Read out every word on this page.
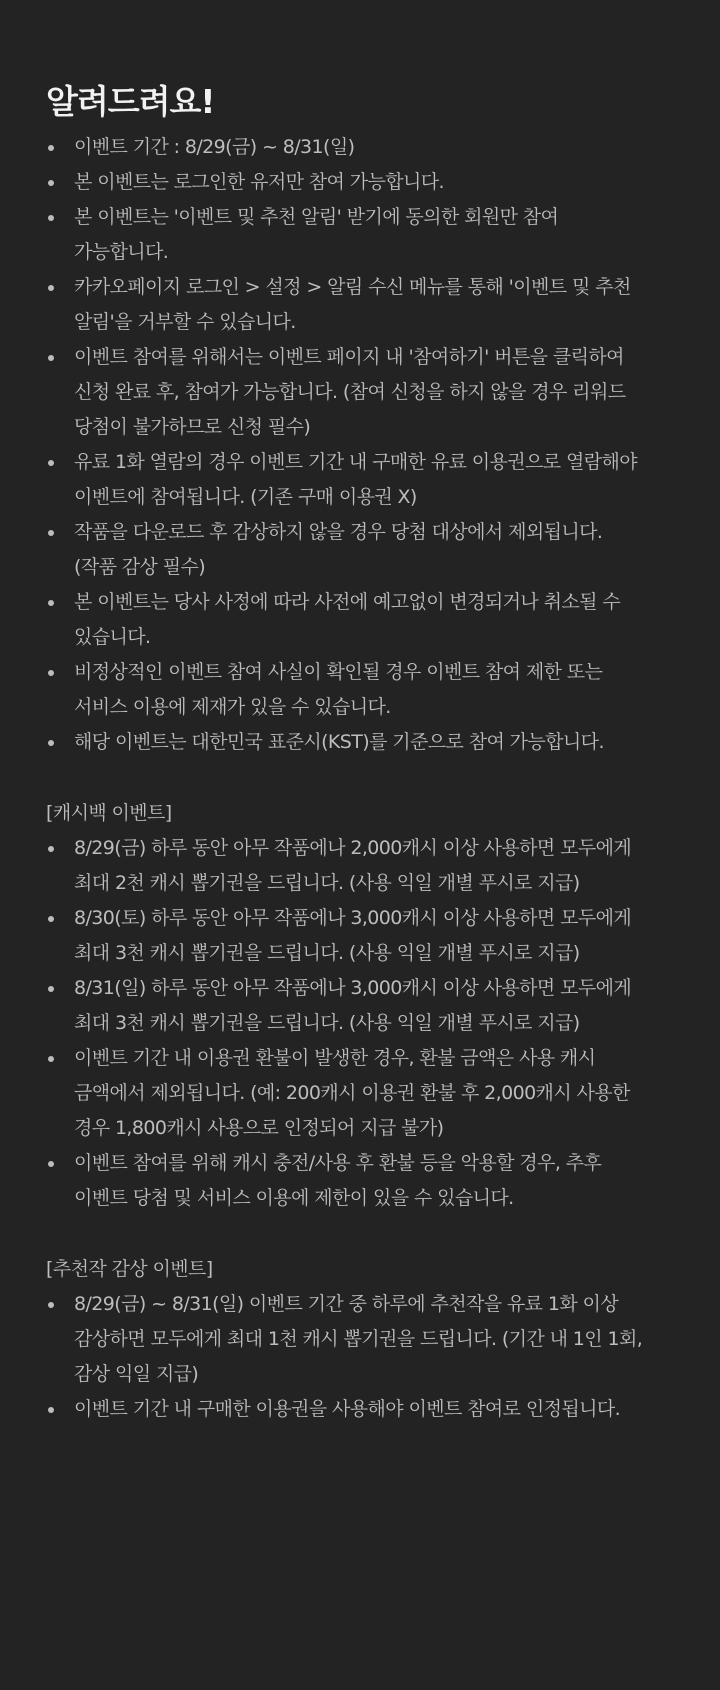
알려드려요!
이벤트 기간 : 8/29(금) ~ 8/31(일)
본 이벤트는 로그인한 유저만 참여 가능합니다.
본 이벤트는 '이벤트 및 추천 알림' 받기에 동의한 회원만 참여
가능합니다.
카카오페이지 로그인 > 설정 > 알림 수신 메뉴를 통해 '이벤트 및 추천
알림'을 거부할 수 있습니다.
이벤트 참여를 위해서는 이벤트 페이지 내 '참여하기' 버튼을 클릭하여
신청 완료 후, 참여가 가능합니다. (참여 신청을 하지 않을 경우 리워드
당첨이 불가하므로 신청 필수)
유료 1화 열람의 경우 이벤트 기간 내 구매한 유료 이용권으로 열람해야
이벤트에 참여됩니다. (기존 구매 이용권 X)
작품을 다운로드 후 감상하지 않을 경우 당첨 대상에서 제외됩니다.
(작품 감상 필수)
본 이벤트는 당사 사정에 따라 사전에 예고없이 변경되거나 취소될 수
있습니다.
비정상적인 이벤트 참여 사실이 확인될 경우 이벤트 참여 제한 또는
서비스 이용에 제재가 있을 수 있습니다.
해당 이벤트는 대한민국 표준시(KST)를 기준으로 참여 가능합니다.
[캐시백 이벤트]
8/29(금) 하루 동안 아무 작품에나 2,000캐시 이상 사용하면 모두에게
최대 2천 캐시 뽑기권을 드립니다. (사용 익일 개별 푸시로 지급)
8/30(토) 하루 동안 아무 작품에나 3,000캐시 이상 사용하면 모두에게
최대 3천 캐시 뽑기권을 드립니다. (사용 익일 개별 푸시로 지급)
8/31(일) 하루 동안 아무 작품에나 3,000캐시 이상 사용하면 모두에게
최대 3천 캐시 뽑기권을 드립니다. (사용 익일 개별 푸시로 지급)
이벤트 기간 내 이용권 환불이 발생한 경우, 환불 금액은 사용 캐시
금액에서 제외됩니다. (예: 200캐시 이용권 환불 후 2,000캐시 사용한
경우 1,800캐시 사용으로 인정되어 지급 불가)
이벤트 참여를 위해 캐시 충전/사용 후 환불 등을 악용할 경우, 추후
이벤트 당첨 및 서비스 이용에 제한이 있을 수 있습니다.
[추천작 감상 이벤트]
8/29(금) ~ 8/31(일) 이벤트 기간 중 하루에 추천작을 유료 1화 이상
감상하면 모두에게 최대 1천 캐시 뽑기권을 드립니다. (기간 내 1인 1회,
감상 익일 지급)
이벤트 기간 내 구매한 이용권을 사용해야 이벤트 참여로 인정됩니다.
